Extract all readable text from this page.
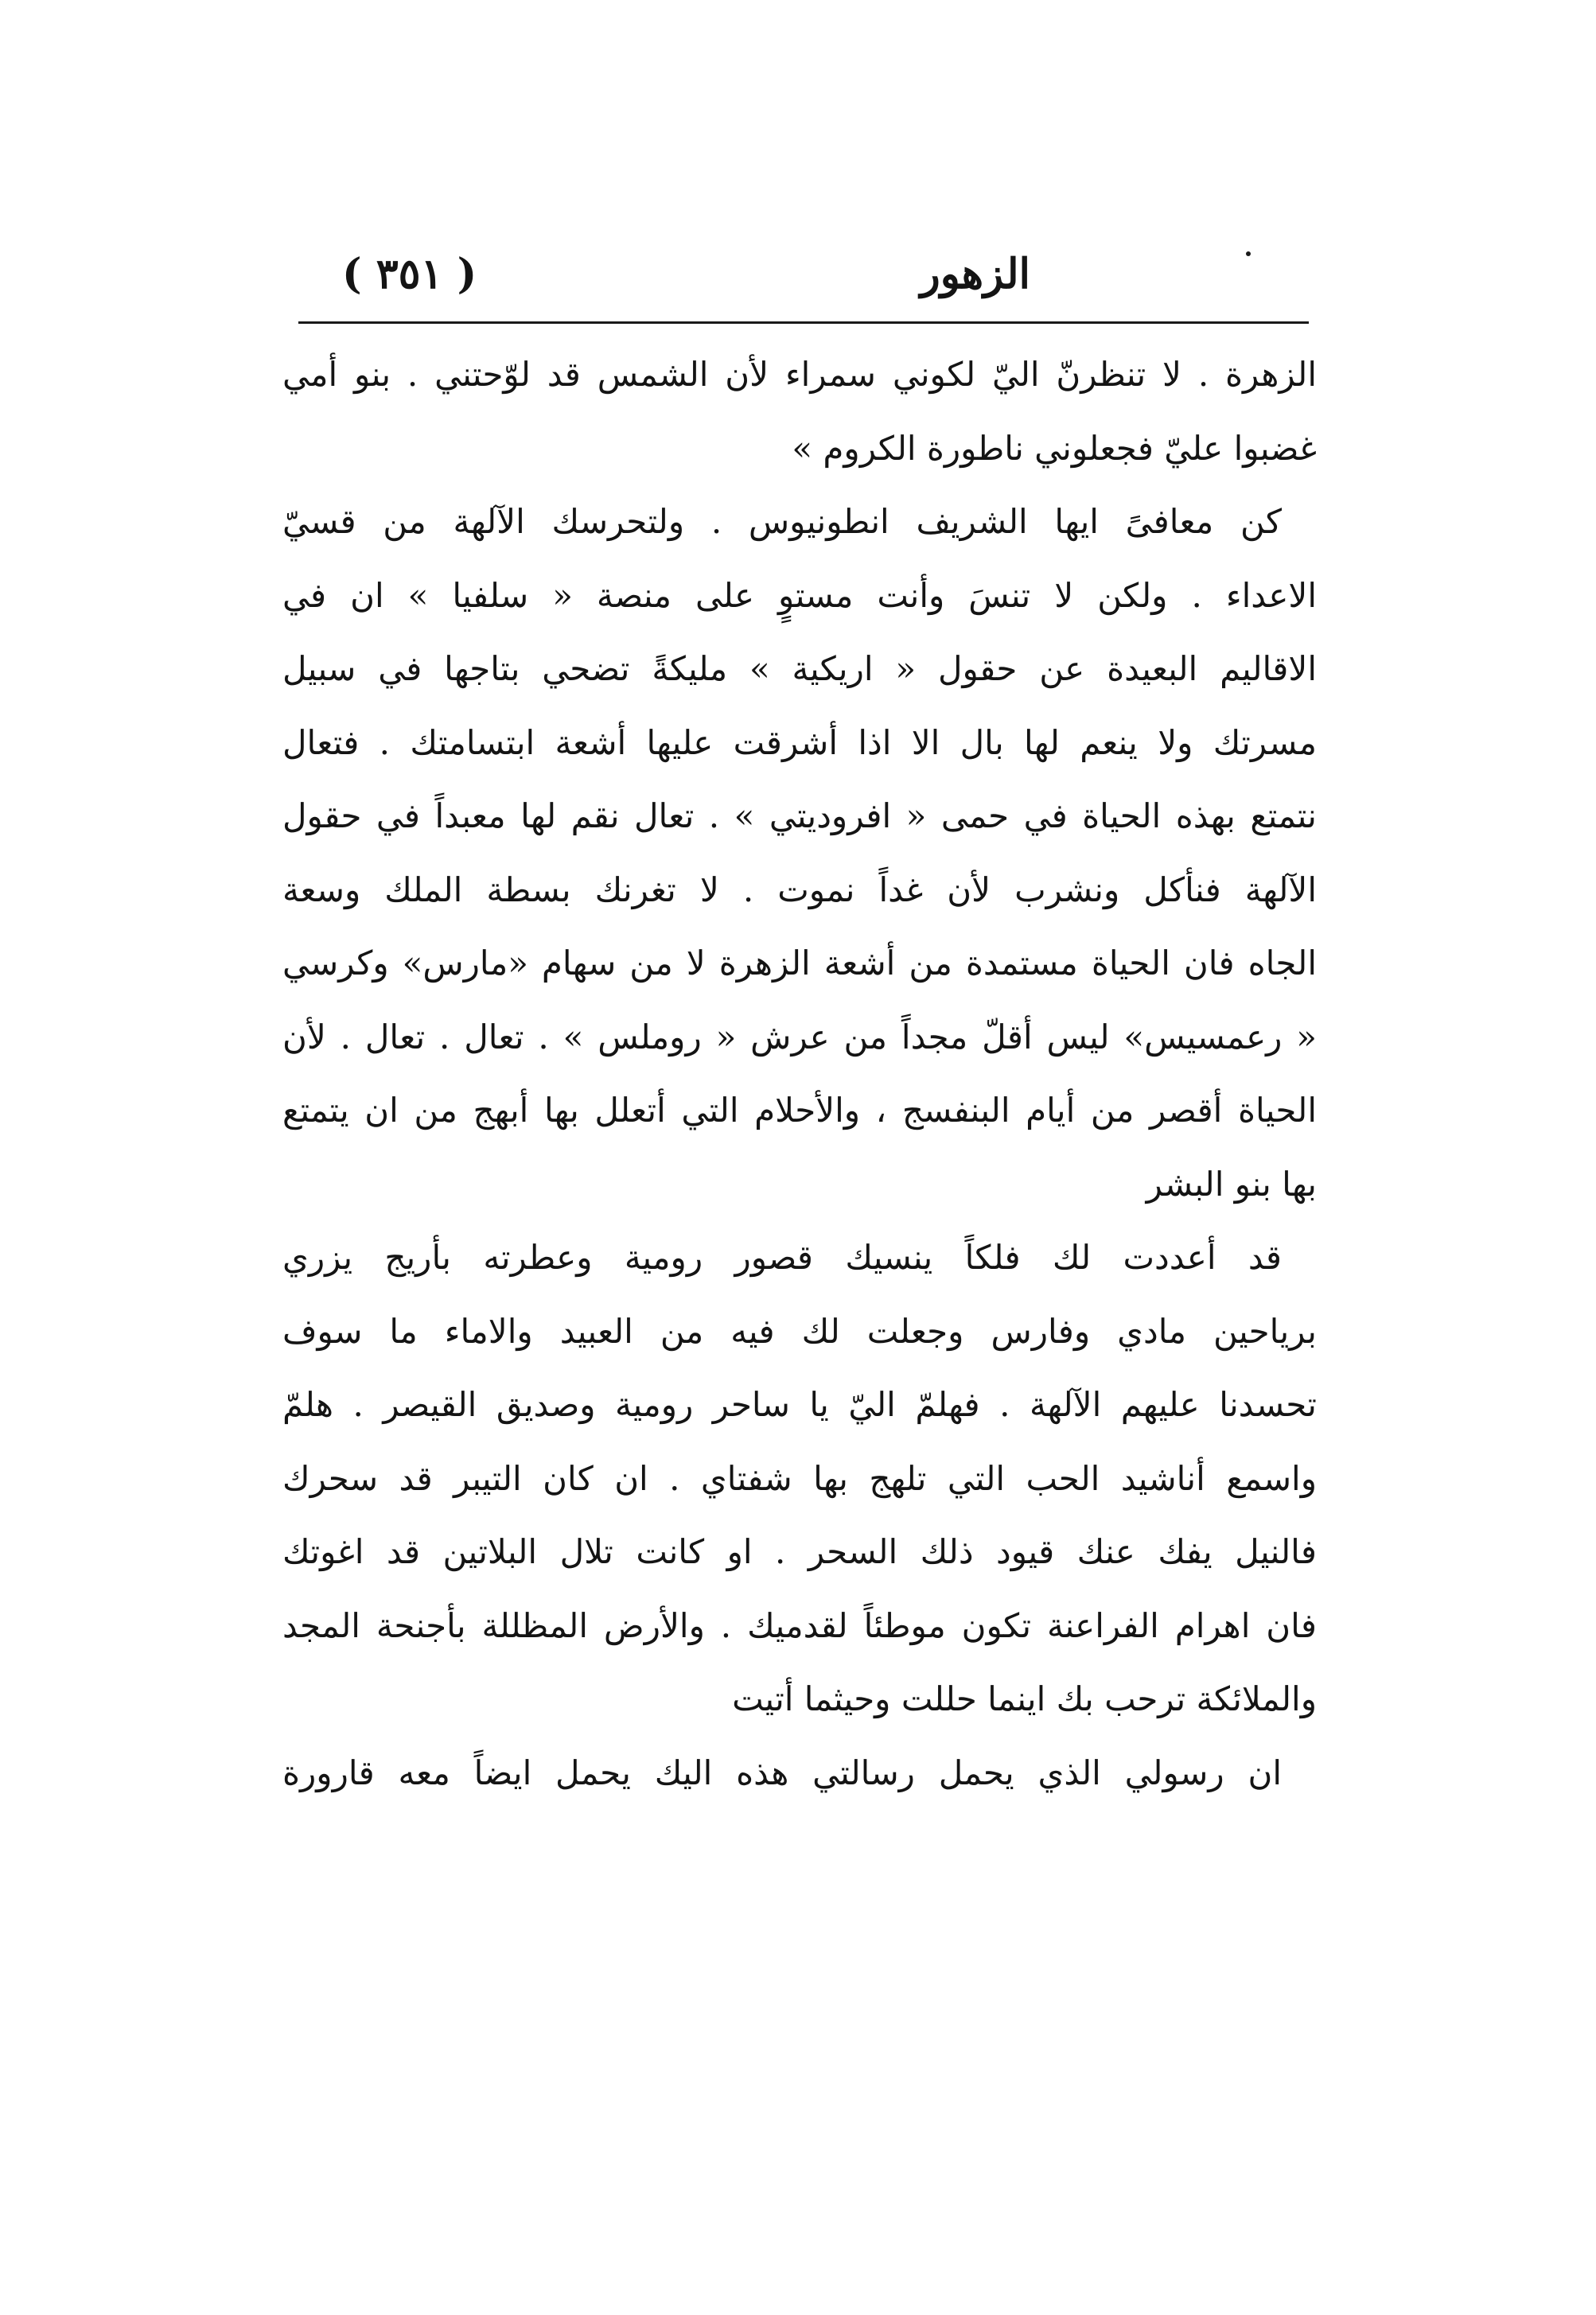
الزهور
( ٣٥١ )
الزهرة . لا تنظرنّ اليّ لكوني سمراء لأن الشمس قد لوّحتني . بنو أمي
غضبوا عليّ فجعلوني ناطورة الكروم »
كن معافىً ايها الشريف انطونيوس . ولتحرسك الآلهة من قسيّ
الاعداء . ولكن لا تنسَ وأنت مستوٍ على منصة « سلفيا » ان في
الاقاليم البعيدة عن حقول « اريكية » مليكةً تضحي بتاجها في سبيل
مسرتك ولا ينعم لها بال الا اذا أشرقت عليها أشعة ابتسامتك . فتعال
نتمتع بهذه الحياة في حمى « افروديتي » . تعال نقم لها معبداً في حقول
الآلهة فنأكل ونشرب لأن غداً نموت . لا تغرنك بسطة الملك وسعة
الجاه فان الحياة مستمدة من أشعة الزهرة لا من سهام «مارس» وكرسي
« رعمسيس» ليس أقلّ مجداً من عرش « روملس » . تعال . تعال . لأن
الحياة أقصر من أيام البنفسج ، والأحلام التي أتعلل بها أبهج من ان يتمتع
بها بنو البشر
قد أعددت لك فلكاً ينسيك قصور رومية وعطرته بأريج يزري
برياحين مادي وفارس وجعلت لك فيه من العبيد والاماء ما سوف
تحسدنا عليهم الآلهة . فهلمّ اليّ يا ساحر رومية وصديق القيصر . هلمّ
واسمع أناشيد الحب التي تلهج بها شفتاي . ان كان التيبر قد سحرك
فالنيل يفك عنك قيود ذلك السحر . او كانت تلال البلاتين قد اغوتك
فان اهرام الفراعنة تكون موطئاً لقدميك . والأرض المظللة بأجنحة المجد
والملائكة ترحب بك اينما حللت وحيثما أتيت
ان رسولي الذي يحمل رسالتي هذه اليك يحمل ايضاً معه قارورة
